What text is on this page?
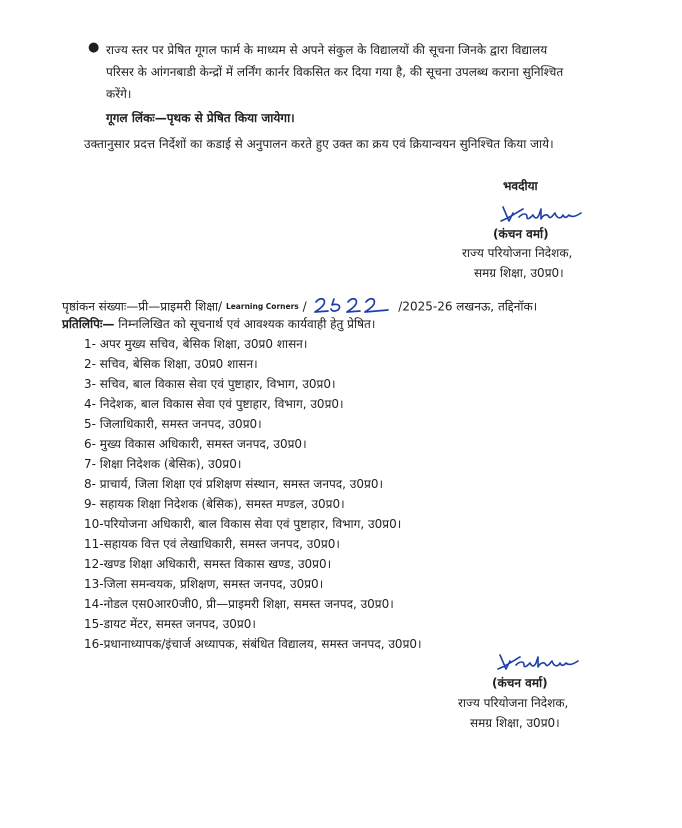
● राज्य स्तर पर प्रेषित गूगल फार्म के माध्यम से अपने संकुल के विद्यालयों की सूचना जिनके द्वारा विद्यालय
परिसर के आंगनबाडी केन्द्रों में लर्निंग कार्नर विकसित कर दिया गया है, की सूचना उपलब्ध कराना सुनिश्चित
करेंगे।
गूगल लिंकः—पृथक से प्रेषित किया जायेगा।
उक्तानुसार प्रदत्त निर्देशों का कडाई से अनुपालन करते हुए उक्त का क्रय एवं क्रियान्वयन सुनिश्चित किया जाये।
भवदीया
(कंचन वर्मा)
राज्य परियोजना निदेशक,
समग्र शिक्षा, उ0प्र0।
पृष्ठांकन संख्याः—प्री—प्राइमरी शिक्षा/ Learning Corners /	/2025-26 लखनऊ, तद्दिनॉक।
प्रतिलिपिः— निम्नलिखित को सूचनार्थ एवं आवश्यक कार्यवाही हेतु प्रेषित।
1- अपर मुख्य सचिव, बेसिक शिक्षा, उ0प्र0 शासन।
2- सचिव, बेसिक शिक्षा, उ0प्र0 शासन।
3- सचिव, बाल विकास सेवा एवं पुष्टाहार, विभाग, उ0प्र0।
4- निदेशक, बाल विकास सेवा एवं पुष्टाहार, विभाग, उ0प्र0।
5- जिलाधिकारी, समस्त जनपद, उ0प्र0।
6- मुख्य विकास अधिकारी, समस्त जनपद, उ0प्र0।
7- शिक्षा निदेशक (बेसिक), उ0प्र0।
8- प्राचार्य, जिला शिक्षा एवं प्रशिक्षण संस्थान, समस्त जनपद, उ0प्र0।
9- सहायक शिक्षा निदेशक (बेसिक), समस्त मण्डल, उ0प्र0।
10-परियोजना अधिकारी, बाल विकास सेवा एवं पुष्टाहार, विभाग, उ0प्र0।
11-सहायक वित्त एवं लेखाधिकारी, समस्त जनपद, उ0प्र0।
12-खण्ड शिक्षा अधिकारी, समस्त विकास खण्ड, उ0प्र0।
13-जिला समन्वयक, प्रशिक्षण, समस्त जनपद, उ0प्र0।
14-नोडल एस0आर0जी0, प्री—प्राइमरी शिक्षा, समस्त जनपद, उ0प्र0।
15-डायट मेंटर, समस्त जनपद, उ0प्र0।
16-प्रधानाध्यापक/इंचार्ज अध्यापक, संबंधित विद्यालय, समस्त जनपद, उ0प्र0।
(कंचन वर्मा)
राज्य परियोजना निदेशक,
समग्र शिक्षा, उ0प्र0।
